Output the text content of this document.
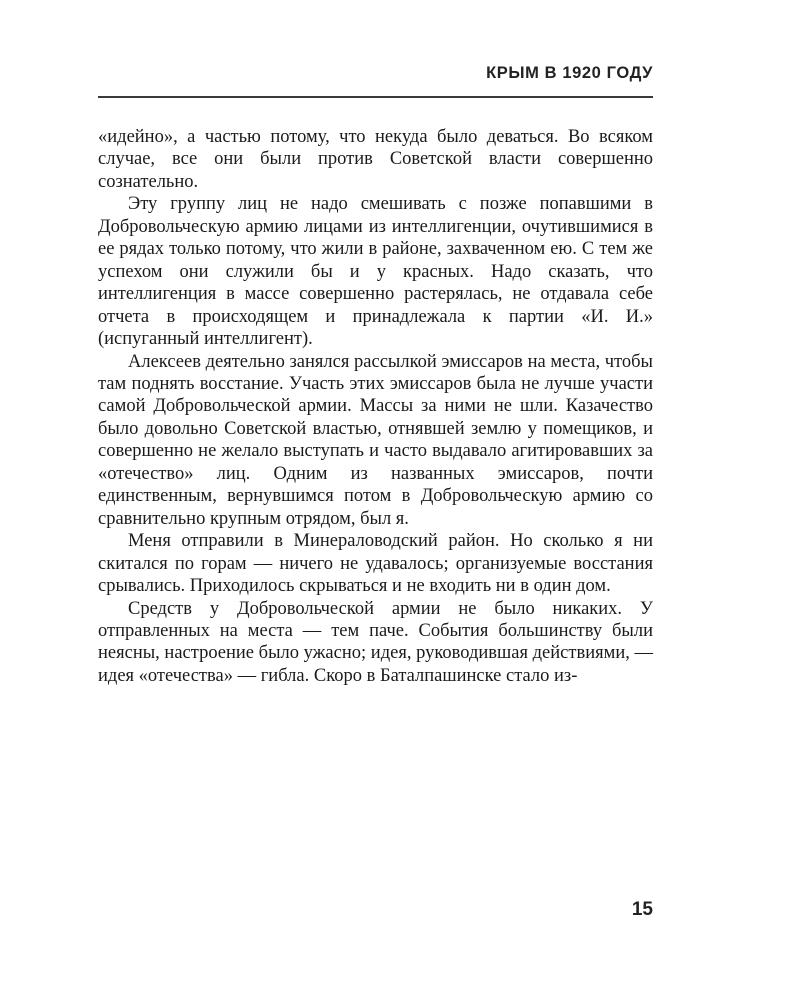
КРЫМ В 1920 ГОДУ

«идейно», а частью потому, что некуда было деваться. Во всяком случае, все они были против Советской власти совершенно сознательно.

Эту группу лиц не надо смешивать с позже попавшими в Добровольческую армию лицами из интеллигенции, очутившимися в ее рядах только потому, что жили в районе, захваченном ею. С тем же успехом они служили бы и у красных. Надо сказать, что интеллигенция в массе совершенно растерялась, не отдавала себе отчета в происходящем и принадлежала к партии «И. И.» (испуганный интеллигент).

Алексеев деятельно занялся рассылкой эмиссаров на места, чтобы там поднять восстание. Участь этих эмиссаров была не лучше участи самой Добровольческой армии. Массы за ними не шли. Казачество было довольно Советской властью, отнявшей землю у помещиков, и совершенно не желало выступать и часто выдавало агитировавших за «отечество» лиц. Одним из названных эмиссаров, почти единственным, вернувшимся потом в Добровольческую армию со сравнительно крупным отрядом, был я.

Меня отправили в Минераловодский район. Но сколько я ни скитался по горам — ничего не удавалось; организуемые восстания срывались. Приходилось скрываться и не входить ни в один дом.

Средств у Добровольческой армии не было никаких. У отправленных на места — тем паче. События большинству были неясны, настроение было ужасно; идея, руководившая действиями, — идея «отечества» — гибла. Скоро в Баталпашинске стало из-

15
